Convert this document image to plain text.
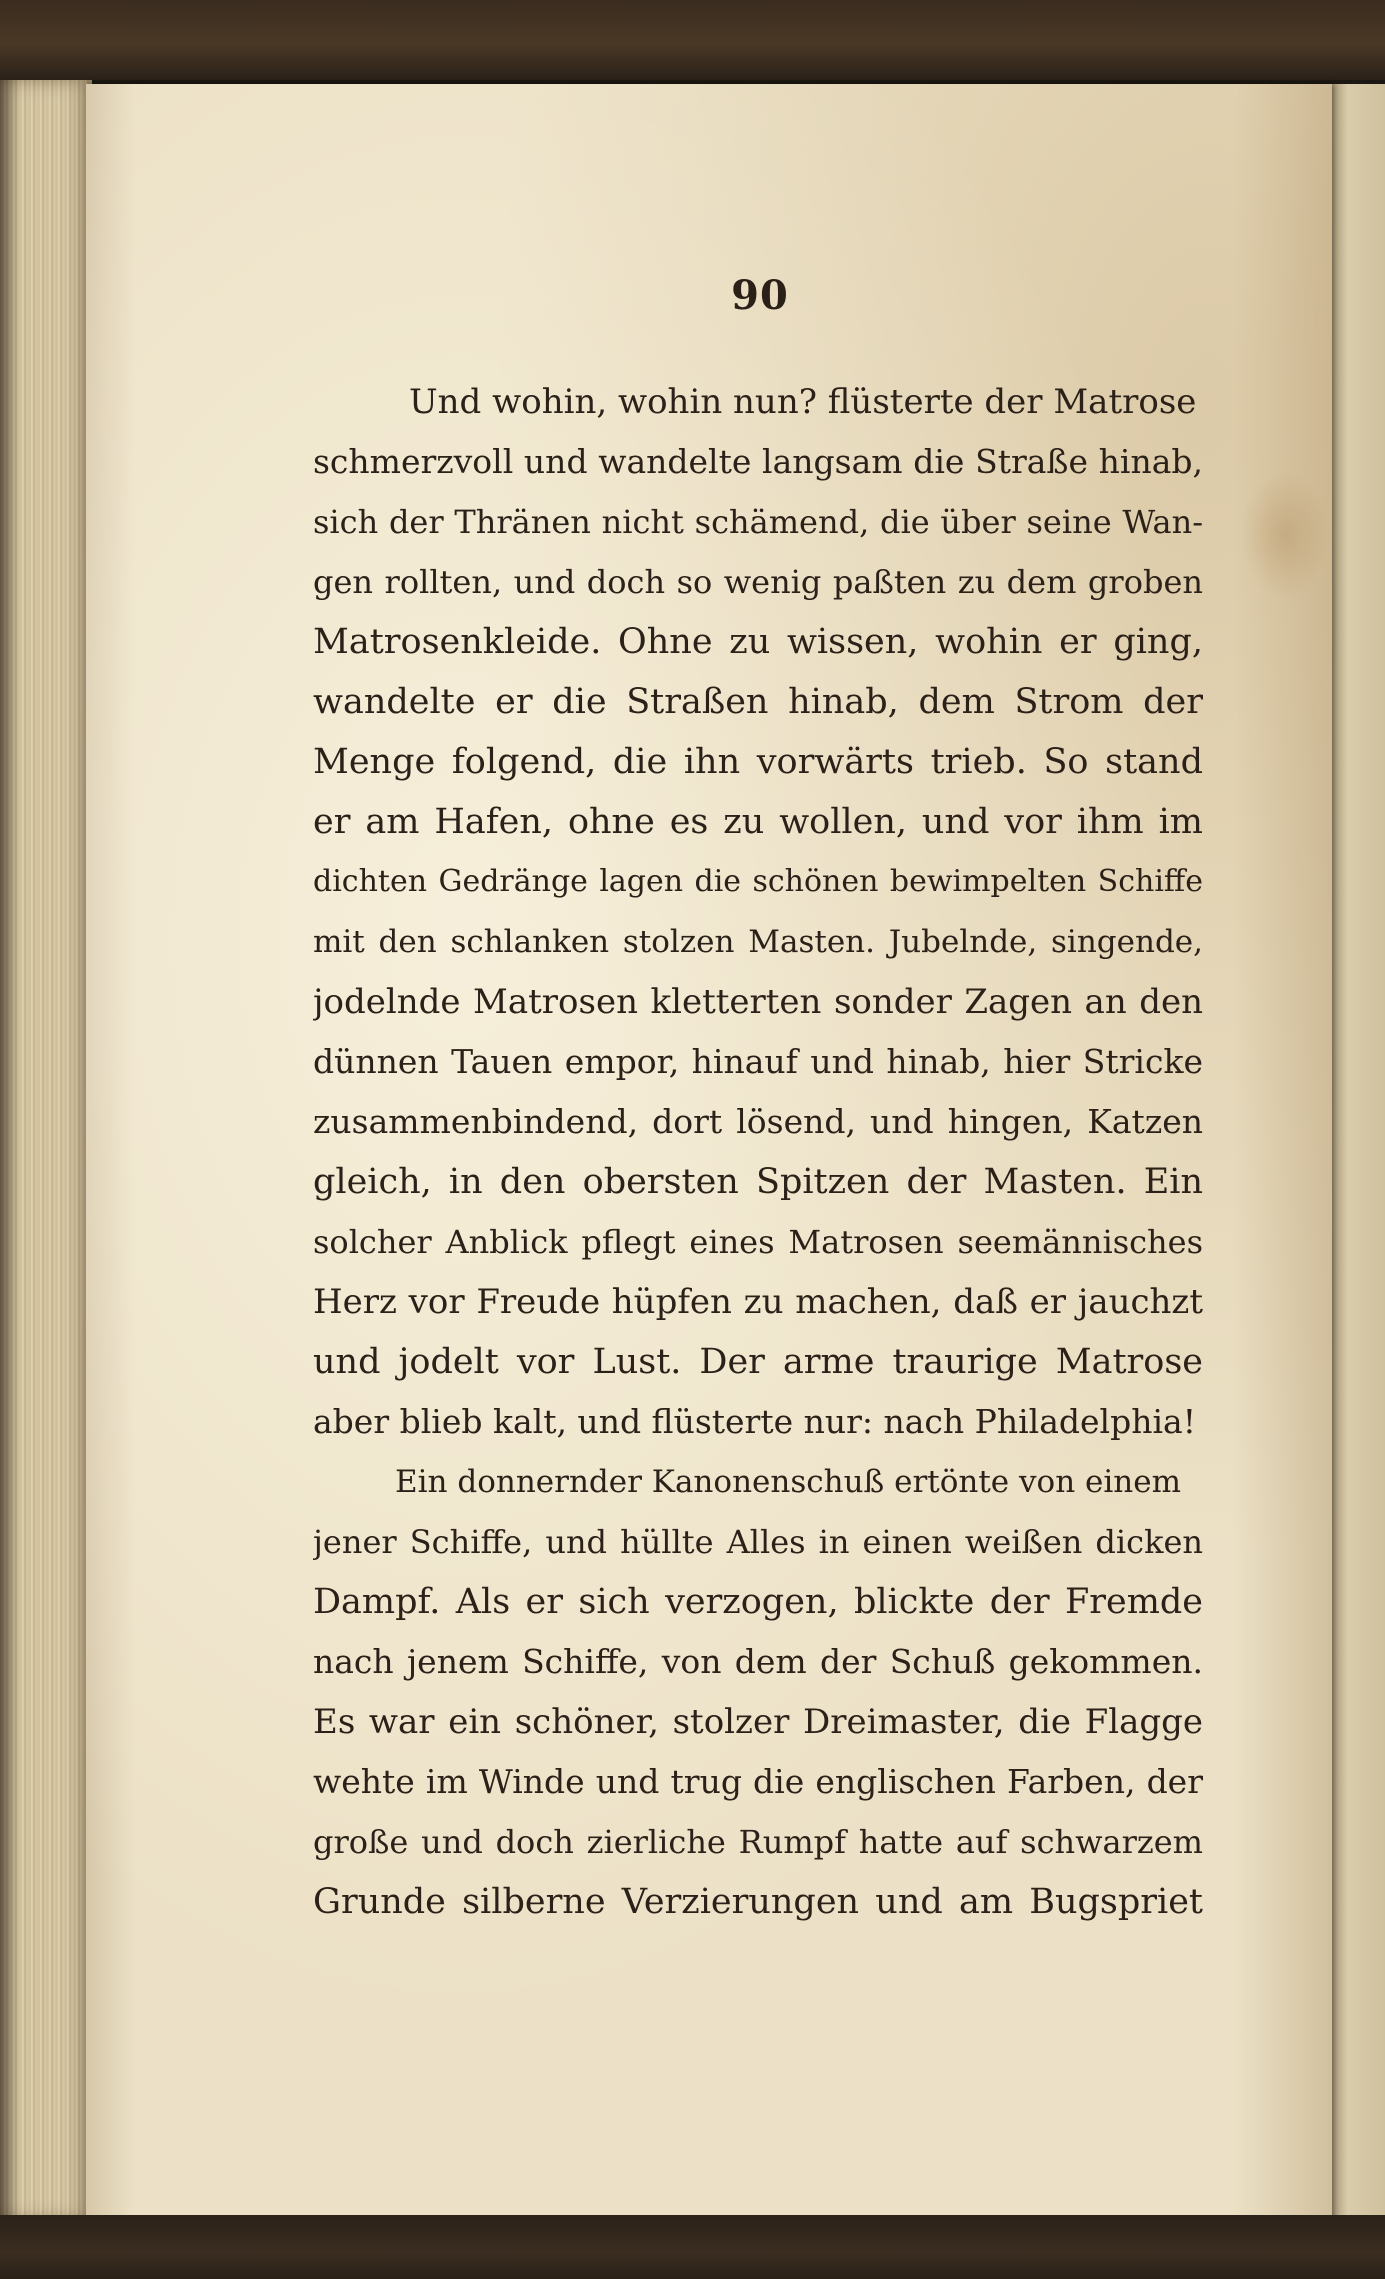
90
Und wohin, wohin nun? flüsterte der Matrose
schmerzvoll und wandelte langsam die Straße hinab,
sich der Thränen nicht schämend, die über seine Wan-
gen rollten, und doch so wenig paßten zu dem groben
Matrosenkleide. Ohne zu wissen, wohin er ging,
wandelte er die Straßen hinab, dem Strom der
Menge folgend, die ihn vorwärts trieb. So stand
er am Hafen, ohne es zu wollen, und vor ihm im
dichten Gedränge lagen die schönen bewimpelten Schiffe
mit den schlanken stolzen Masten. Jubelnde, singende,
jodelnde Matrosen kletterten sonder Zagen an den
dünnen Tauen empor, hinauf und hinab, hier Stricke
zusammenbindend, dort lösend, und hingen, Katzen
gleich, in den obersten Spitzen der Masten. Ein
solcher Anblick pflegt eines Matrosen seemännisches
Herz vor Freude hüpfen zu machen, daß er jauchzt
und jodelt vor Lust. Der arme traurige Matrose
aber blieb kalt, und flüsterte nur: nach Philadelphia!
Ein donnernder Kanonenschuß ertönte von einem
jener Schiffe, und hüllte Alles in einen weißen dicken
Dampf. Als er sich verzogen, blickte der Fremde
nach jenem Schiffe, von dem der Schuß gekommen.
Es war ein schöner, stolzer Dreimaster, die Flagge
wehte im Winde und trug die englischen Farben, der
große und doch zierliche Rumpf hatte auf schwarzem
Grunde silberne Verzierungen und am Bugspriet
